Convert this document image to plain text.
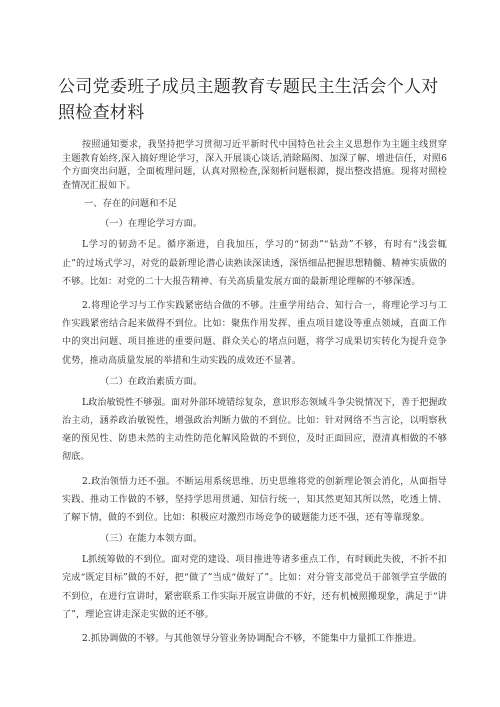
公司党委班子成员主题教育专题民主生活会个人对
照检查材料

按照通知要求，我坚持把学习贯彻习近平新时代中国特色社会主义思想作为主题主线贯穿主题教育始终,深入搞好理论学习，深入开展谈心谈话,消除隔阂、加深了解、增进信任，对照6个方面突出问题，全面梳理问题，认真对照检查,深刻析问题根源，提出整改措施。现将对照检查情况汇报如下。

一、存在的问题和不足

（一）在理论学习方面。

L学习的韧劲不足。循序渐进，自我加压，学习的“韧劲”“钻劲”不够，有时有“浅尝辄止”的过场式学习，对党的最新理论潜心读熟读深读透，深悟细品把握思想精髓、精神实质做的不够。比如：对党的二十大报告精神、有关高质量发展方面的最新理论理解的不够深透。

2.将理论学习与工作实践紧密结合做的不够。注重学用结合、知行合一，将理论学习与工作实践紧密结合起来做得不到位。比如：聚焦作用发挥、重点项目建设等重点领域，直面工作中的突出问题、项目推进的重要问题、群众关心的堵点问题，将学习成果切实转化为提升竞争优势，推动高质量发展的举措和生动实践的成效还不显著。

（二）在政治素质方面。

L政治敏锐性不够强。面对外部环境错综复杂，意识形态领域斗争尖锐情况下，善于把握政治主动，涵养政治敏锐性，增强政治判断力做的不到位。比如：针对网络不当言论，以明察秋毫的预见性、防患未然的主动性防范化解风险做的不到位，及时正面回应，澄清真相做的不够彻底。

2.政治领悟力还不强。不断运用系统思维、历史思维将党的创新理论领会消化，从面指导实践、推动工作做的不够，坚持学思用贯通、知信行统一，知其然更知其所以然，吃透上情、了解下情，做的不到位。比如：积极应对激烈市场竞争的破题能力还不强，还有等靠现象。

（三）在能力本领方面。

L抓统筹做的不到位。面对党的建设、项目推进等诸多重点工作，有时顾此失彼，不折不扣完成“既定目标”做的不好，把“做了”当成“做好了”。比如：对分管支部党员干部领学宣学做的不到位，在进行宣讲时，紧密联系工作实际开展宣讲做的不好，还有机械照搬现象，满足于“讲了”，理论宣讲走深走实做的还不够。

2.抓协调做的不够。与其他领导分管业务协调配合不够，不能集中力量抓工作推进。
